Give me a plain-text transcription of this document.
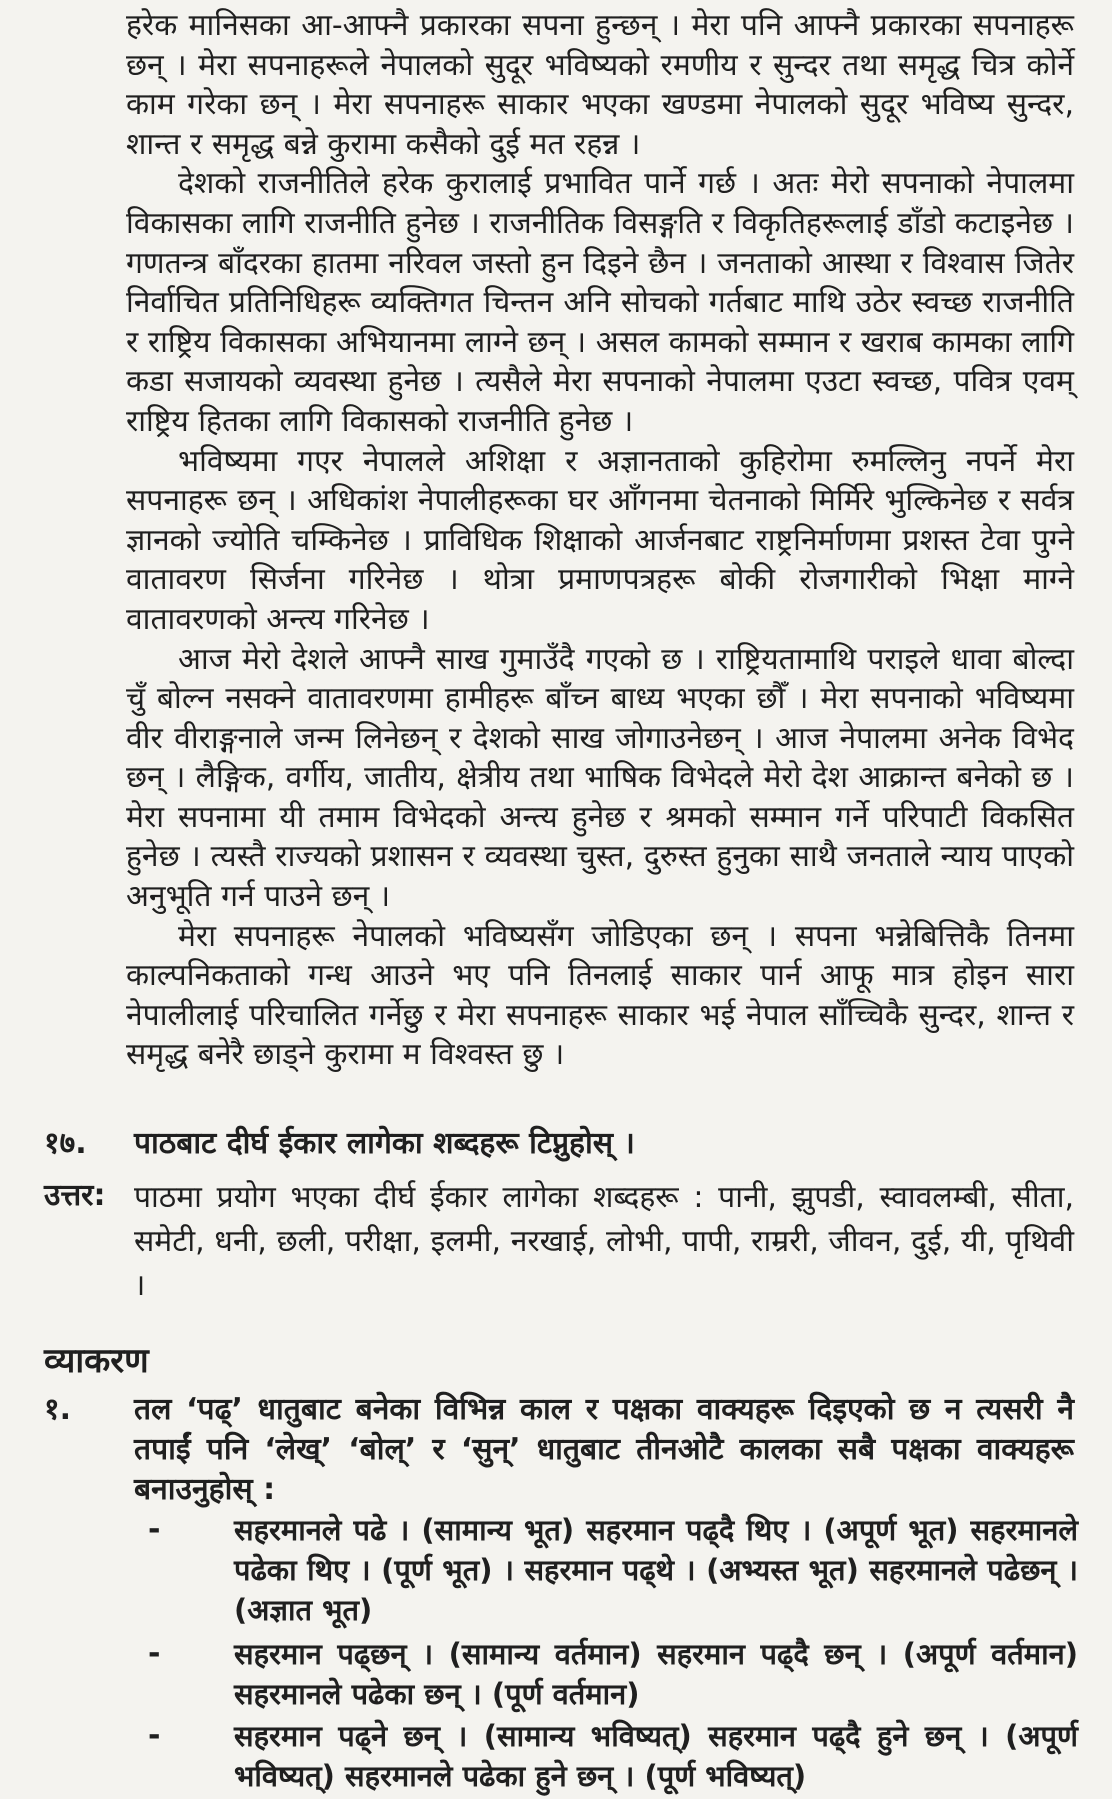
हरेक मानिसका आ-आफ्नै प्रकारका सपना हुन्छन् । मेरा पनि आफ्नै प्रकारका सपनाहरू छन् । मेरा सपनाहरूले नेपालको सुदूर भविष्यको रमणीय र सुन्दर तथा समृद्ध चित्र कोर्ने काम गरेका छन् । मेरा सपनाहरू साकार भएका खण्डमा नेपालको सुदूर भविष्य सुन्दर, शान्त र समृद्ध बन्ने कुरामा कसैको दुई मत रहन्न ।

देशको राजनीतिले हरेक कुरालाई प्रभावित पार्ने गर्छ । अतः मेरो सपनाको नेपालमा विकासका लागि राजनीति हुनेछ । राजनीतिक विसङ्गति र विकृतिहरूलाई डाँडो कटाइनेछ । गणतन्त्र बाँदरका हातमा नरिवल जस्तो हुन दिइने छैन । जनताको आस्था र विश्वास जितेर निर्वाचित प्रतिनिधिहरू व्यक्तिगत चिन्तन अनि सोचको गर्तबाट माथि उठेर स्वच्छ राजनीति र राष्ट्रिय विकासका अभियानमा लाग्ने छन् । असल कामको सम्मान र खराब कामका लागि कडा सजायको व्यवस्था हुनेछ । त्यसैले मेरा सपनाको नेपालमा एउटा स्वच्छ, पवित्र एवम् राष्ट्रिय हितका लागि विकासको राजनीति हुनेछ ।

भविष्यमा गएर नेपालले अशिक्षा र अज्ञानताको कुहिरोमा रुमल्लिनु नपर्ने मेरा सपनाहरू छन् । अधिकांश नेपालीहरूका घर आँगनमा चेतनाको मिर्मिरे भुल्किनेछ र सर्वत्र ज्ञानको ज्योति चम्किनेछ । प्राविधिक शिक्षाको आर्जनबाट राष्ट्रनिर्माणमा प्रशस्त टेवा पुग्ने वातावरण सिर्जना गरिनेछ । थोत्रा प्रमाणपत्रहरू बोकी रोजगारीको भिक्षा माग्ने वातावरणको अन्त्य गरिनेछ ।

आज मेरो देशले आफ्नै साख गुमाउँदै गएको छ । राष्ट्रियतामाथि पराइले धावा बोल्दा चुँ बोल्न नसक्ने वातावरणमा हामीहरू बाँच्न बाध्य भएका छौँ । मेरा सपनाको भविष्यमा वीर वीराङ्गनाले जन्म लिनेछन् र देशको साख जोगाउनेछन् । आज नेपालमा अनेक विभेद छन् । लैङ्गिक, वर्गीय, जातीय, क्षेत्रीय तथा भाषिक विभेदले मेरो देश आक्रान्त बनेको छ । मेरा सपनामा यी तमाम विभेदको अन्त्य हुनेछ र श्रमको सम्मान गर्ने परिपाटी विकसित हुनेछ । त्यस्तै राज्यको प्रशासन र व्यवस्था चुस्त, दुरुस्त हुनुका साथै जनताले न्याय पाएको अनुभूति गर्न पाउने छन् ।

मेरा सपनाहरू नेपालको भविष्यसँग जोडिएका छन् । सपना भन्नेबित्तिकै तिनमा काल्पनिकताको गन्ध आउने भए पनि तिनलाई साकार पार्न आफू मात्र होइन सारा नेपालीलाई परिचालित गर्नेछु र मेरा सपनाहरू साकार भई नेपाल साँच्चिकै सुन्दर, शान्त र समृद्ध बनेरै छाड्ने कुरामा म विश्वस्त छु ।

१७.	पाठबाट दीर्घ ईकार लागेका शब्दहरू टिप्नुहोस् ।
उत्तर: पाठमा प्रयोग भएका दीर्घ ईकार लागेका शब्दहरू : पानी, झुपडी, स्वावलम्बी, सीता, समेटी, धनी, छली, परीक्षा, इलमी, नरखाई, लोभी, पापी, राम्ररी, जीवन, दुई, यी, पृथिवी ।
व्याकरण
१.	तल ‘पढ्’ धातुबाट बनेका विभिन्न काल र पक्षका वाक्यहरू दिइएको छ न त्यसरी नै तपाईं पनि ‘लेख्’ ‘बोल्’ र ‘सुन्’ धातुबाट तीनओटै कालका सबै पक्षका वाक्यहरू बनाउनुहोस् :
-	सहरमानले पढे । (सामान्य भूत) सहरमान पढ्दै थिए । (अपूर्ण भूत) सहरमानले पढेका थिए । (पूर्ण भूत) । सहरमान पढ्थे । (अभ्यस्त भूत) सहरमानले पढेछन् । (अज्ञात भूत)
-	सहरमान पढ्छन् । (सामान्य वर्तमान) सहरमान पढ्दै छन् । (अपूर्ण वर्तमान) सहरमानले पढेका छन् । (पूर्ण वर्तमान)
-	सहरमान पढ्ने छन् । (सामान्य भविष्यत्) सहरमान पढ्दै हुने छन् । (अपूर्ण भविष्यत्) सहरमानले पढेका हुने छन् । (पूर्ण भविष्यत्)
